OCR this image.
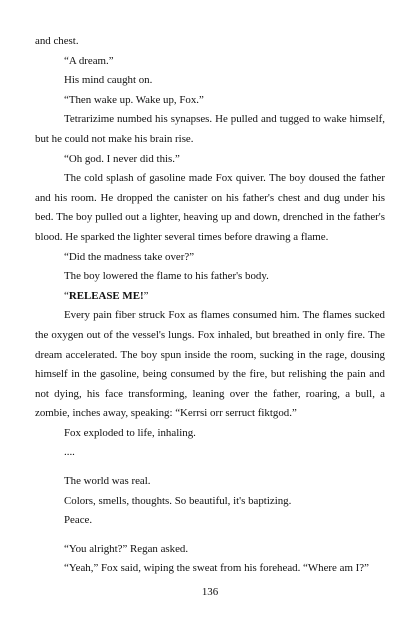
and chest.

“A dream.”

His mind caught on.

“Then wake up. Wake up, Fox.”

Tetrarizime numbed his synapses. He pulled and tugged to wake himself, but he could not make his brain rise.

“Oh god. I never did this.”

The cold splash of gasoline made Fox quiver. The boy doused the father and his room. He dropped the canister on his father's chest and dug under his bed. The boy pulled out a lighter, heaving up and down, drenched in the father's blood. He sparked the lighter several times before drawing a flame.

“Did the madness take over?”

The boy lowered the flame to his father's body.

“RELEASE ME!”

Every pain fiber struck Fox as flames consumed him. The flames sucked the oxygen out of the vessel's lungs. Fox inhaled, but breathed in only fire. The dream accelerated. The boy spun inside the room, sucking in the rage, dousing himself in the gasoline, being consumed by the fire, but relishing the pain and not dying, his face transforming, leaning over the father, roaring, a bull, a zombie, inches away, speaking: “Kerrsi orr serruct fiktgod.”

Fox exploded to life, inhaling.

....

The world was real.

Colors, smells, thoughts. So beautiful, it's baptizing.

Peace.

“You alright?” Regan asked.

“Yeah,” Fox said, wiping the sweat from his forehead. “Where am I?”

136
